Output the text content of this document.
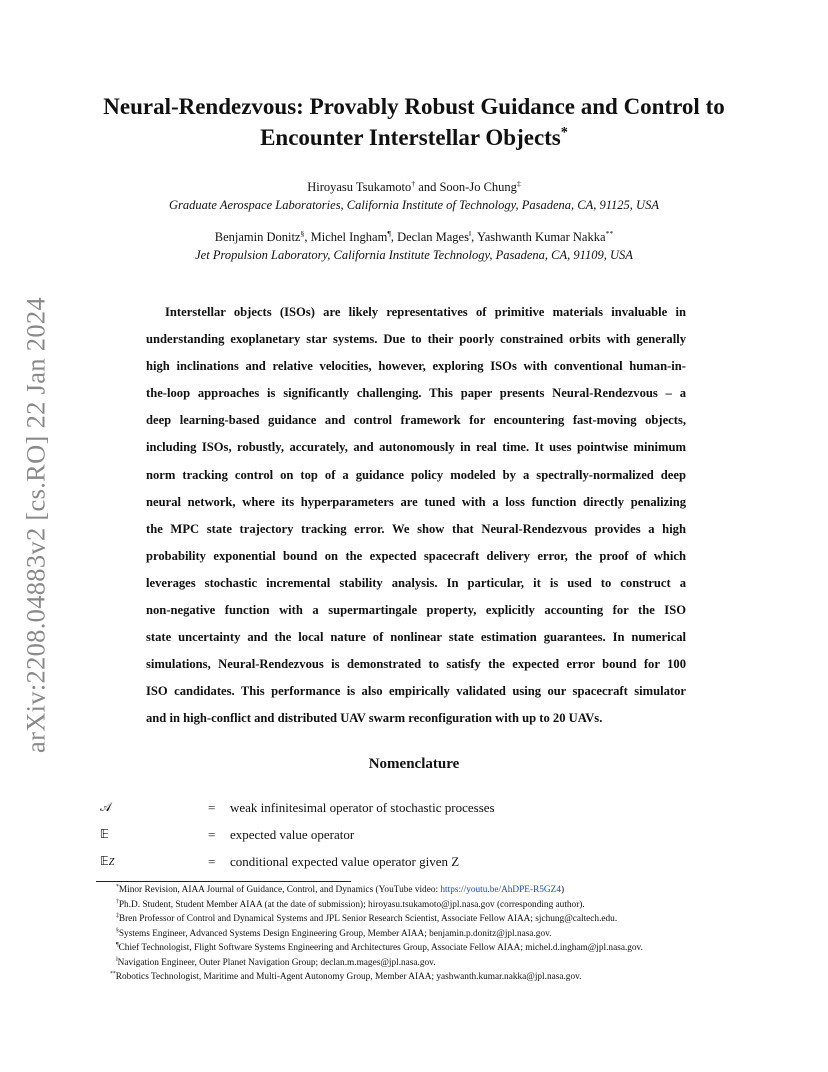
arXiv:2208.04883v2 [cs.RO] 22 Jan 2024
Neural-Rendezvous: Provably Robust Guidance and Control to
Encounter Interstellar Objects*
Hiroyasu Tsukamoto† and Soon-Jo Chung‡
Graduate Aerospace Laboratories, California Institute of Technology, Pasadena, CA, 91125, USA
Benjamin Donitz§, Michel Ingham¶, Declan Mages‖, Yashwanth Kumar Nakka**
Jet Propulsion Laboratory, California Institute Technology, Pasadena, CA, 91109, USA
Interstellar objects (ISOs) are likely representatives of primitive materials invaluable in
understanding exoplanetary star systems. Due to their poorly constrained orbits with generally
high inclinations and relative velocities, however, exploring ISOs with conventional human-in-
the-loop approaches is significantly challenging. This paper presents Neural-Rendezvous – a
deep learning-based guidance and control framework for encountering fast-moving objects,
including ISOs, robustly, accurately, and autonomously in real time. It uses pointwise minimum
norm tracking control on top of a guidance policy modeled by a spectrally-normalized deep
neural network, where its hyperparameters are tuned with a loss function directly penalizing
the MPC state trajectory tracking error. We show that Neural-Rendezvous provides a high
probability exponential bound on the expected spacecraft delivery error, the proof of which
leverages stochastic incremental stability analysis. In particular, it is used to construct a
non-negative function with a supermartingale property, explicitly accounting for the ISO
state uncertainty and the local nature of nonlinear state estimation guarantees. In numerical
simulations, Neural-Rendezvous is demonstrated to satisfy the expected error bound for 100
ISO candidates. This performance is also empirically validated using our spacecraft simulator
and in high-conflict and distributed UAV swarm reconfiguration with up to 20 UAVs.
Nomenclature
𝒜	= weak infinitesimal operator of stochastic processes
𝔼	= expected value operator
𝔼Z	= conditional expected value operator given Z
*Minor Revision, AIAA Journal of Guidance, Control, and Dynamics (YouTube video: https://youtu.be/AhDPE-R5GZ4)
†Ph.D. Student, Student Member AIAA (at the date of submission); hiroyasu.tsukamoto@jpl.nasa.gov (corresponding author).
‡Bren Professor of Control and Dynamical Systems and JPL Senior Research Scientist, Associate Fellow AIAA; sjchung@caltech.edu.
§Systems Engineer, Advanced Systems Design Engineering Group, Member AIAA; benjamin.p.donitz@jpl.nasa.gov.
¶Chief Technologist, Flight Software Systems Engineering and Architectures Group, Associate Fellow AIAA; michel.d.ingham@jpl.nasa.gov.
‖Navigation Engineer, Outer Planet Navigation Group; declan.m.mages@jpl.nasa.gov.
**Robotics Technologist, Maritime and Multi-Agent Autonomy Group, Member AIAA; yashwanth.kumar.nakka@jpl.nasa.gov.
